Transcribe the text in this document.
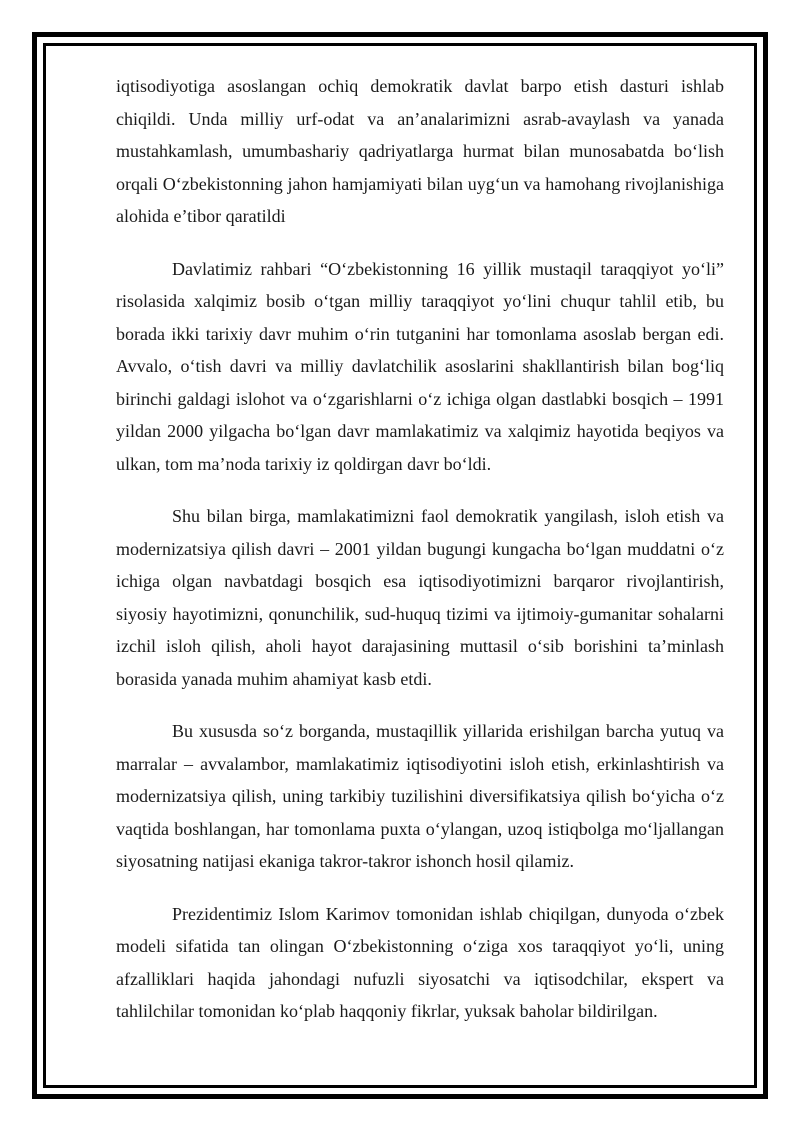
iqtisodiyotiga asoslangan ochiq demokratik davlat barpo etish dasturi ishlab chiqildi. Unda milliy urf-odat va an’analarimizni asrab-avaylash va yanada mustahkamlash, umumbashariy qadriyatlarga hurmat bilan munosabatda bo‘lish orqali O‘zbekistonning jahon hamjamiyati bilan uyg‘un va hamohang rivojlanishiga alohida e’tibor qaratildi

Davlatimiz rahbari “O‘zbekistonning 16 yillik mustaqil taraqqiyot yo‘li” risolasida xalqimiz bosib o‘tgan milliy taraqqiyot yo‘lini chuqur tahlil etib, bu borada ikki tarixiy davr muhim o‘rin tutganini har tomonlama asoslab bergan edi. Avvalo, o‘tish davri va milliy davlatchilik asoslarini shakllantirish bilan bog‘liq birinchi galdagi islohot va o‘zgarishlarni o‘z ichiga olgan dastlabki bosqich – 1991 yildan 2000 yilgacha bo‘lgan davr mamlakatimiz va xalqimiz hayotida beqiyos va ulkan, tom ma’noda tarixiy iz qoldirgan davr bo‘ldi.

Shu bilan birga, mamlakatimizni faol demokratik yangilash, isloh etish va modernizatsiya qilish davri – 2001 yildan bugungi kungacha bo‘lgan muddatni o‘z ichiga olgan navbatdagi bosqich esa iqtisodiyotimizni barqaror rivojlantirish, siyosiy hayotimizni, qonunchilik, sud-huquq tizimi va ijtimoiy-gumanitar sohalarni izchil isloh qilish, aholi hayot darajasining muttasil o‘sib borishini ta’minlash borasida yanada muhim ahamiyat kasb etdi.

Bu xususda so‘z borganda, mustaqillik yillarida erishilgan barcha yutuq va marralar – avvalambor, mamlakatimiz iqtisodiyotini isloh etish, erkinlashtirish va modernizatsiya qilish, uning tarkibiy tuzilishini diversifikatsiya qilish bo‘yicha o‘z vaqtida boshlangan, har tomonlama puxta o‘ylangan, uzoq istiqbolga mo‘ljallangan siyosatning natijasi ekaniga takror-takror ishonch hosil qilamiz.

Prezidentimiz Islom Karimov tomonidan ishlab chiqilgan, dunyoda o‘zbek modeli sifatida tan olingan O‘zbekistonning o‘ziga xos taraqqiyot yo‘li, uning afzalliklari haqida jahondagi nufuzli siyosatchi va iqtisodchilar, ekspert va tahlilchilar tomonidan ko‘plab haqqoniy fikrlar, yuksak baholar bildirilgan.
